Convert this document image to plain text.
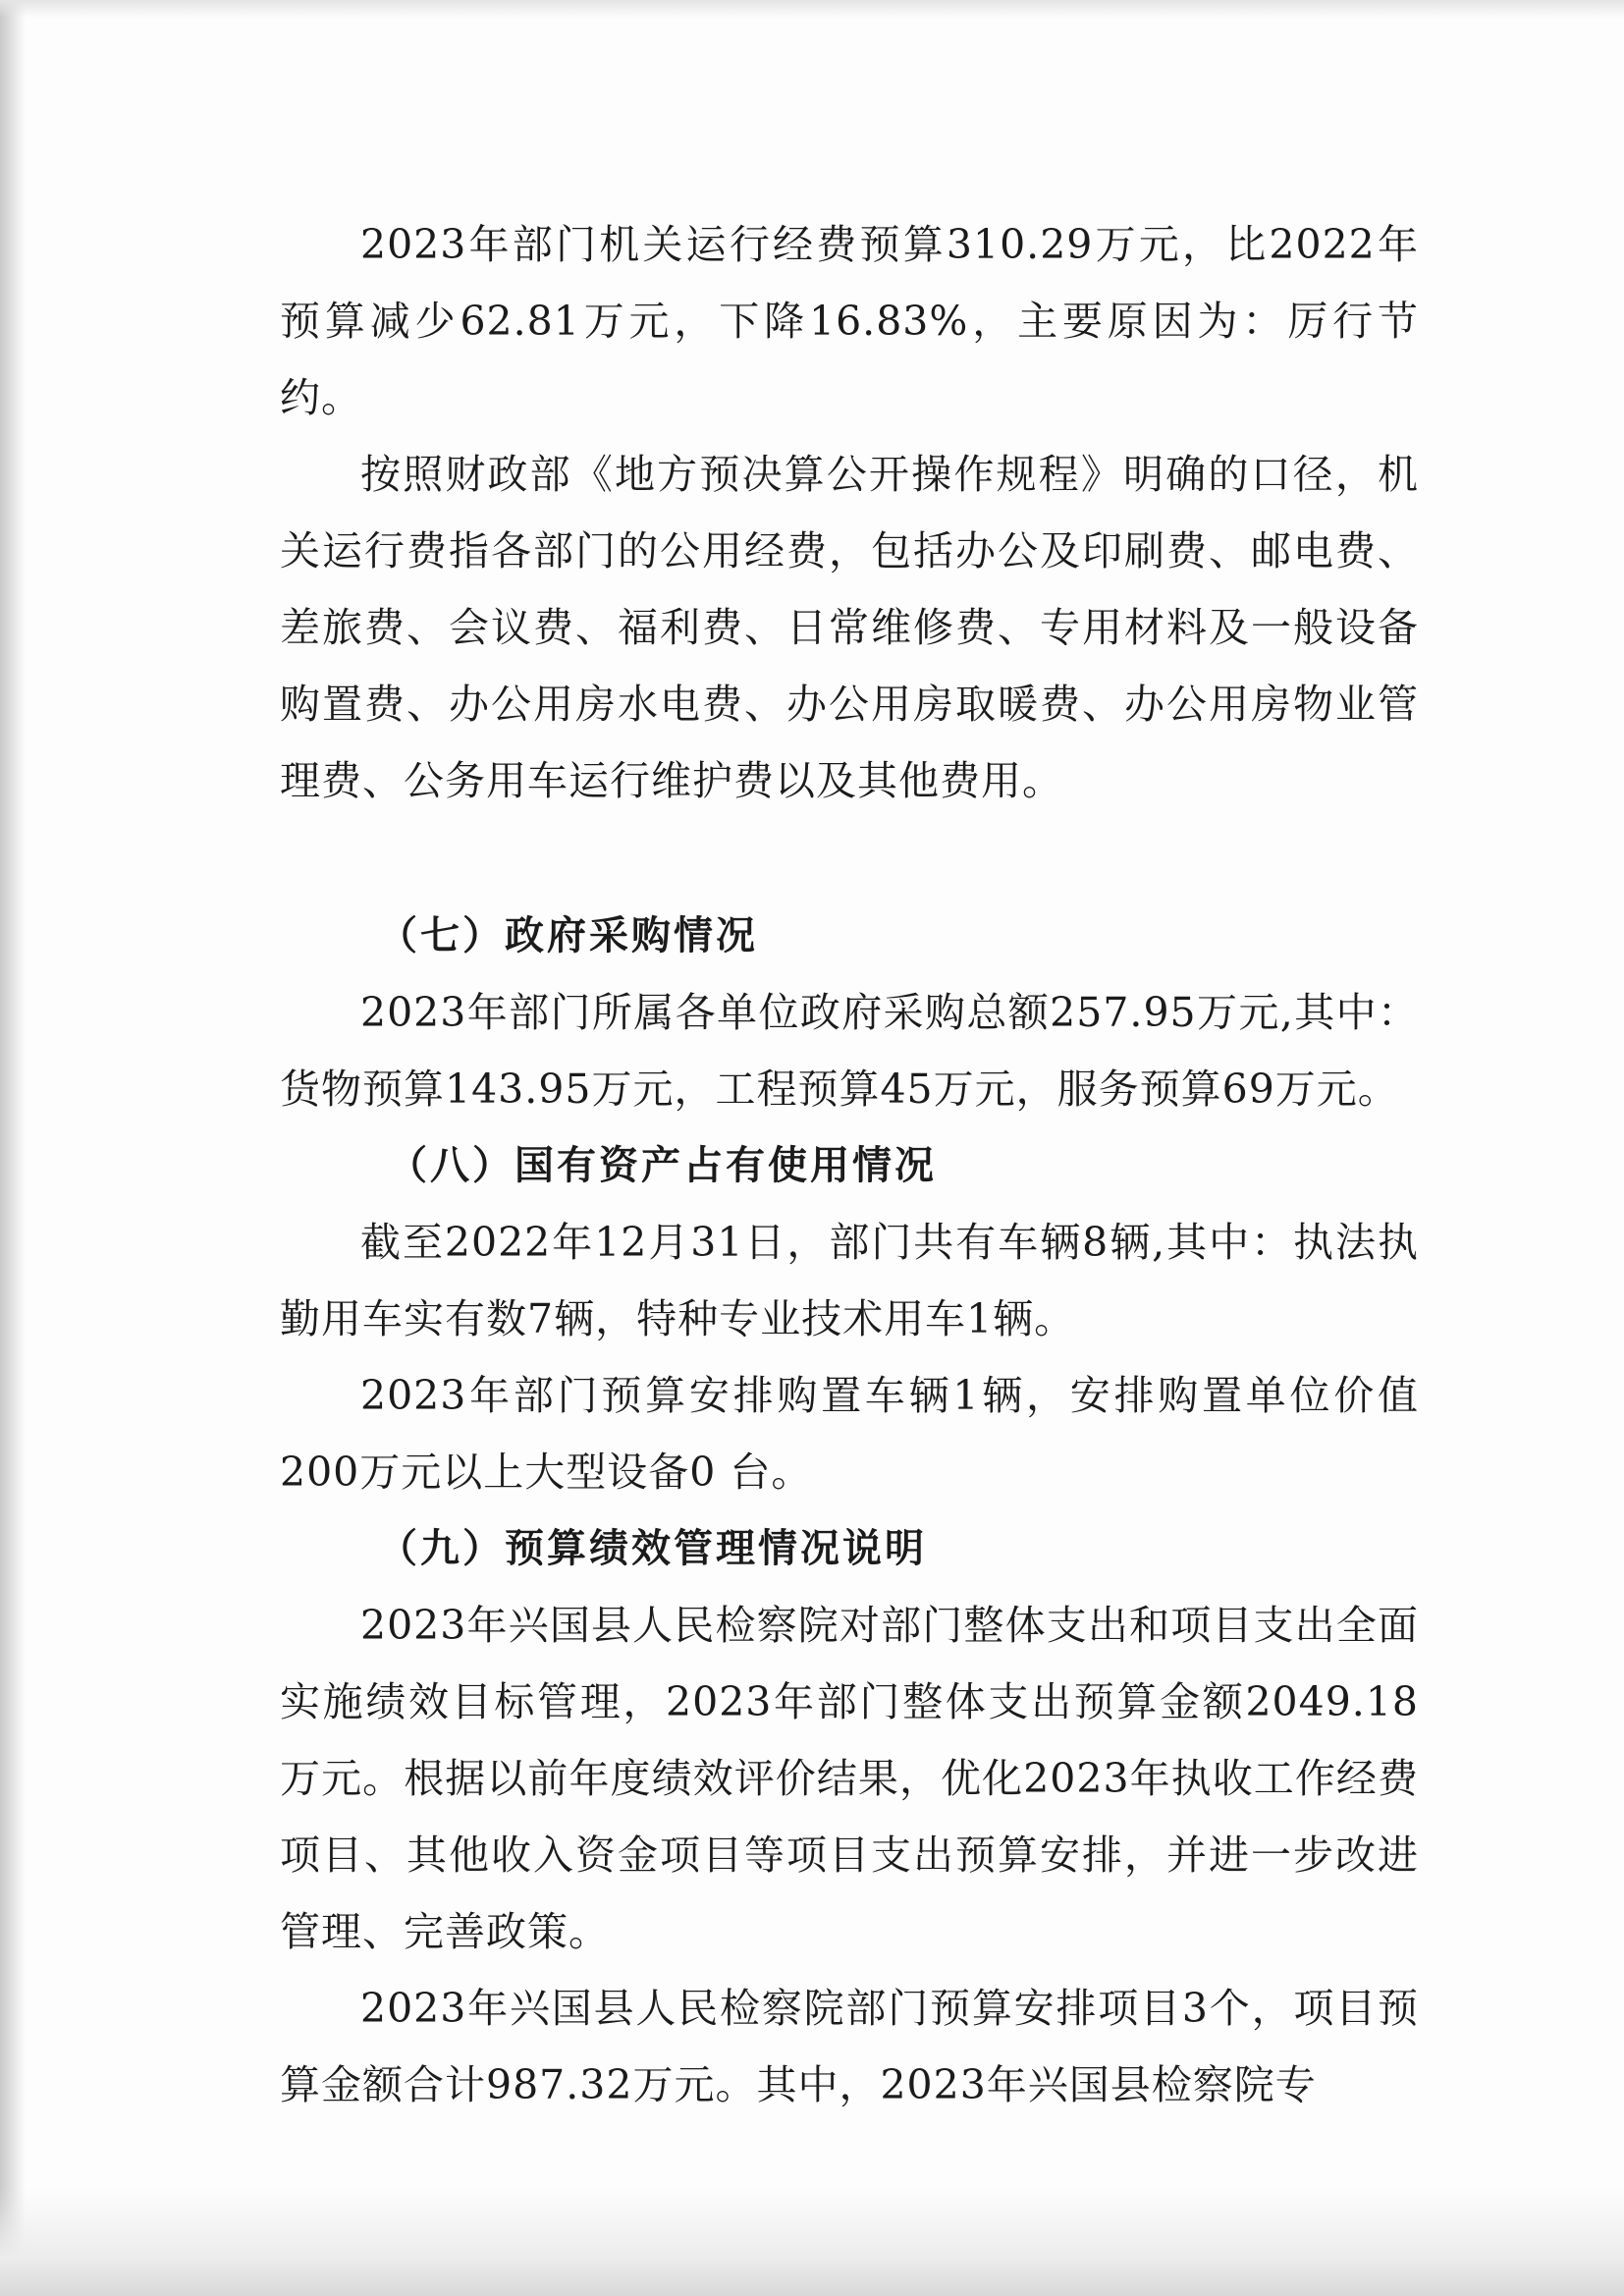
2023年部门机关运行经费预算310.29万元，比2022年预算减少62.81万元，下降16.83%，主要原因为：厉行节约。

按照财政部《地方预决算公开操作规程》明确的口径，机关运行费指各部门的公用经费，包括办公及印刷费、邮电费、差旅费、会议费、福利费、日常维修费、专用材料及一般设备购置费、办公用房水电费、办公用房取暖费、办公用房物业管理费、公务用车运行维护费以及其他费用。

（七）政府采购情况

2023年部门所属各单位政府采购总额257.95万元,其中：货物预算143.95万元，工程预算45万元，服务预算69万元。

（八）国有资产占有使用情况

截至2022年12月31日，部门共有车辆8辆,其中：执法执勤用车实有数7辆，特种专业技术用车1辆。

2023年部门预算安排购置车辆1辆，安排购置单位价值200万元以上大型设备0 台。

（九）预算绩效管理情况说明

2023年兴国县人民检察院对部门整体支出和项目支出全面实施绩效目标管理，2023年部门整体支出预算金额2049.18万元。根据以前年度绩效评价结果，优化2023年执收工作经费项目、其他收入资金项目等项目支出预算安排，并进一步改进管理、完善政策。

2023年兴国县人民检察院部门预算安排项目3个，项目预算金额合计987.32万元。其中，2023年兴国县检察院专
